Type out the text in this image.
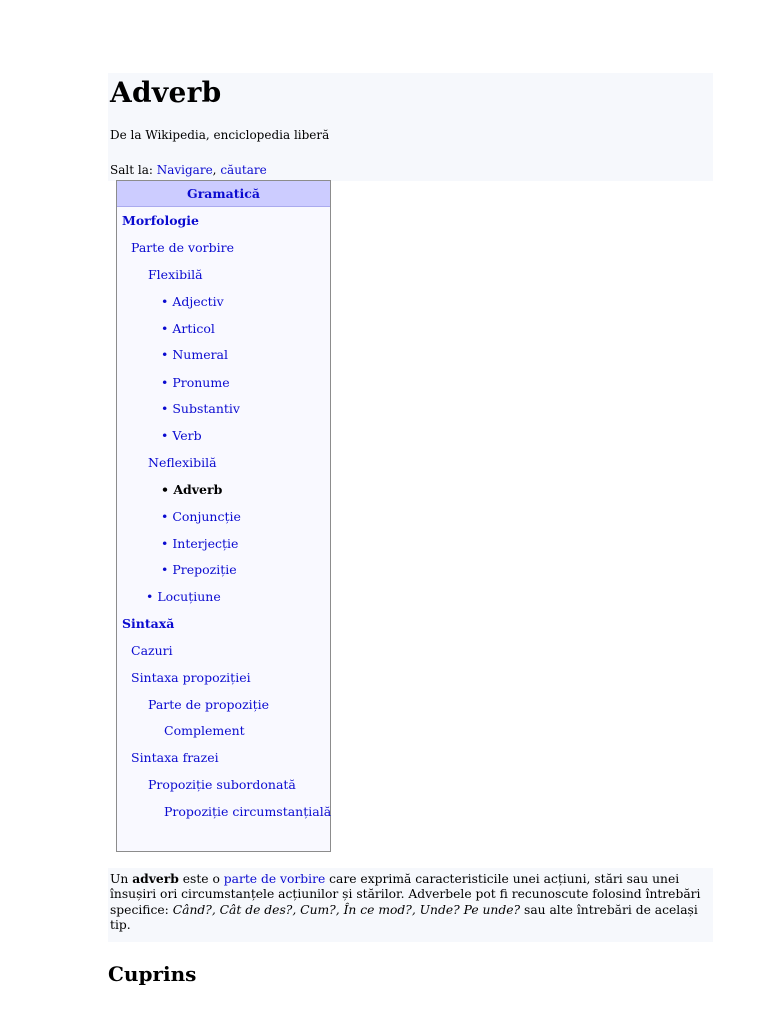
Adverb
De la Wikipedia, enciclopedia liberă
Salt la: Navigare, căutare
Gramatică
Morfologie
Parte de vorbire
Flexibilă
• Adjectiv
• Articol
• Numeral
• Pronume
• Substantiv
• Verb
Neflexibilă
• Adverb
• Conjuncție
• Interjecție
• Prepoziție
• Locuțiune
Sintaxă
Cazuri
Sintaxa propoziției
Parte de propoziție
Complement
Sintaxa frazei
Propoziție subordonată
Propoziție circumstanțială

Un adverb este o parte de vorbire care exprimă caracteristicile unei acțiuni, stări sau unei însușiri ori circumstanțele acțiunilor și stărilor. Adverbele pot fi recunoscute folosind întrebări specifice: Când?, Cât de des?, Cum?, În ce mod?, Unde? Pe unde? sau alte întrebări de același tip.

Cuprins
